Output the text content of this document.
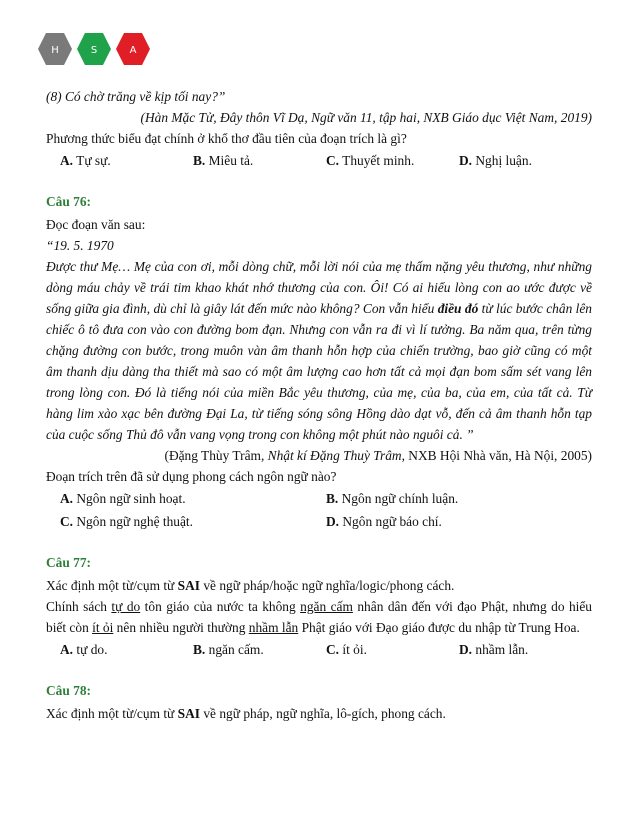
H	S	A

(8) Có chờ trăng về kịp tối nay?”

(Hàn Mặc Tử, Đây thôn Vĩ Dạ, Ngữ văn 11, tập hai, NXB Giáo dục Việt Nam, 2019)

Phương thức biểu đạt chính ở khổ thơ đầu tiên của đoạn trích là gì?

A. Tự sự.	B. Miêu tả.	C. Thuyết minh.	D. Nghị luận.

Câu 76:

Đọc đoạn văn sau:

“19. 5. 1970

Được thư Mẹ… Mẹ của con ơi, mỗi dòng chữ, mỗi lời nói của mẹ thấm nặng yêu thương, như những dòng máu chảy về trái tim khao khát nhớ thương của con. Ôi! Có ai hiểu lòng con ao ước được về sống giữa gia đình, dù chỉ là giây lát đến mức nào không? Con vẫn hiểu điều đó từ lúc bước chân lên chiếc ô tô đưa con vào con đường bom đạn. Nhưng con vẫn ra đi vì lí tưởng. Ba năm qua, trên từng chặng đường con bước, trong muôn vàn âm thanh hỗn hợp của chiến trường, bao giờ cũng có một âm thanh dịu dàng tha thiết mà sao có một âm lượng cao hơn tất cả mọi đạn bom sấm sét vang lên trong lòng con. Đó là tiếng nói của miền Bắc yêu thương, của mẹ, của ba, của em, của tất cả. Từ hàng lim xào xạc bên đường Đại La, từ tiếng sóng sông Hồng dào dạt vỗ, đến cả âm thanh hỗn tạp của cuộc sống Thủ đô vẫn vang vọng trong con không một phút nào nguôi cả. ”

(Đặng Thùy Trâm, Nhật kí Đặng Thuỳ Trâm, NXB Hội Nhà văn, Hà Nội, 2005)

Đoạn trích trên đã sử dụng phong cách ngôn ngữ nào?

A. Ngôn ngữ sinh hoạt.	B. Ngôn ngữ chính luận.
C. Ngôn ngữ nghệ thuật.	D. Ngôn ngữ báo chí.

Câu 77:

Xác định một từ/cụm từ SAI về ngữ pháp/hoặc ngữ nghĩa/logic/phong cách.

Chính sách tự do tôn giáo của nước ta không ngăn cấm nhân dân đến với đạo Phật, nhưng do hiểu biết còn ít ỏi nên nhiều người thường nhầm lẫn Phật giáo với Đạo giáo được du nhập từ Trung Hoa.

A. tự do.	B. ngăn cấm.	C. ít ỏi.	D. nhầm lẫn.

Câu 78:

Xác định một từ/cụm từ SAI về ngữ pháp, ngữ nghĩa, lô-gích, phong cách.
